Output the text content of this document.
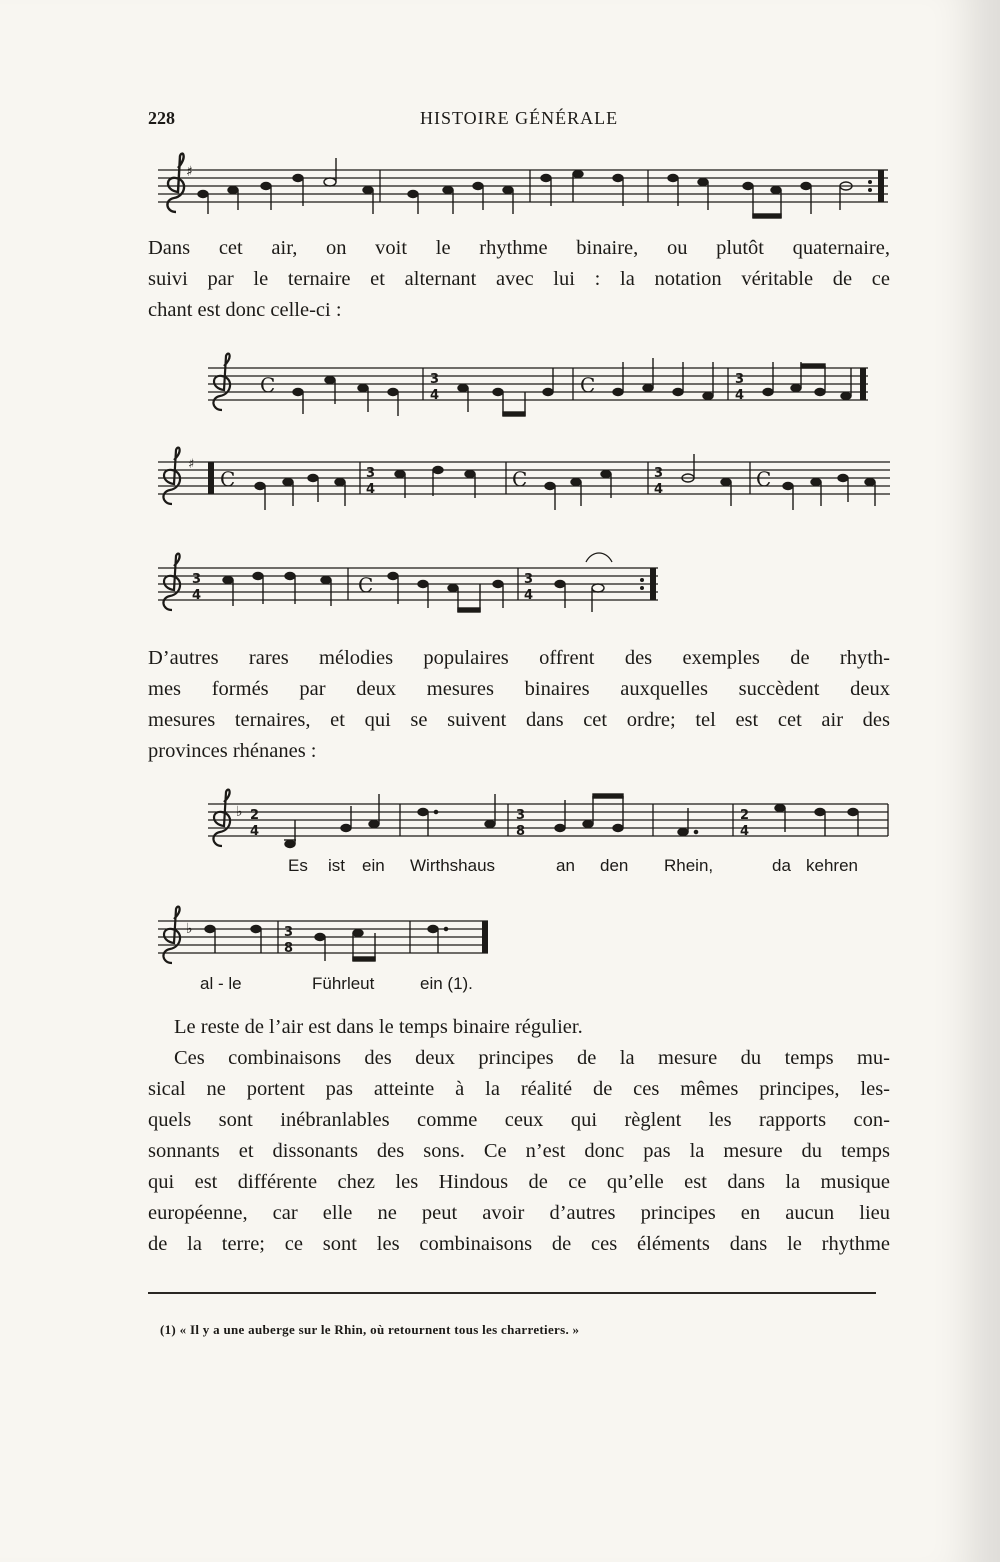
228	HISTOIRE GÉNÉRALE
♯

Dans cet air, on voit le rhythme binaire, ou plutôt quaternaire,
suivi par le ternaire et alternant avec lui : la notation véritable de ce
chant est donc celle-ci :

C	3
4	C	3
4
♯
C	3
4	C	3
4	C
3
4	C	3
4

D’autres rares mélodies populaires offrent des exemples de rhyth-
mes formés par deux mesures binaires auxquelles succèdent deux
mesures ternaires, et qui se suivent dans cet ordre; tel est cet air des
provinces rhénanes :

♭ 2
4
3
8
2
4
Es ist ein Wirthshaus	an den Rhein,	da kehren
♭	3
8
al - le	Führleut	ein (1).

Le reste de l’air est dans le temps binaire régulier.

Ces combinaisons des deux principes de la mesure du temps mu-
sical ne portent pas atteinte à la réalité de ces mêmes principes, les-
quels sont inébranlables comme ceux qui règlent les rapports con-
sonnants et dissonants des sons. Ce n’est donc pas la mesure du temps
qui est différente chez les Hindous de ce qu’elle est dans la musique
européenne, car elle ne peut avoir d’autres principes en aucun lieu
de la terre; ce sont les combinaisons de ces éléments dans le rhythme

(1) « Il y a une auberge sur le Rhin, où retournent tous les charretiers. »
